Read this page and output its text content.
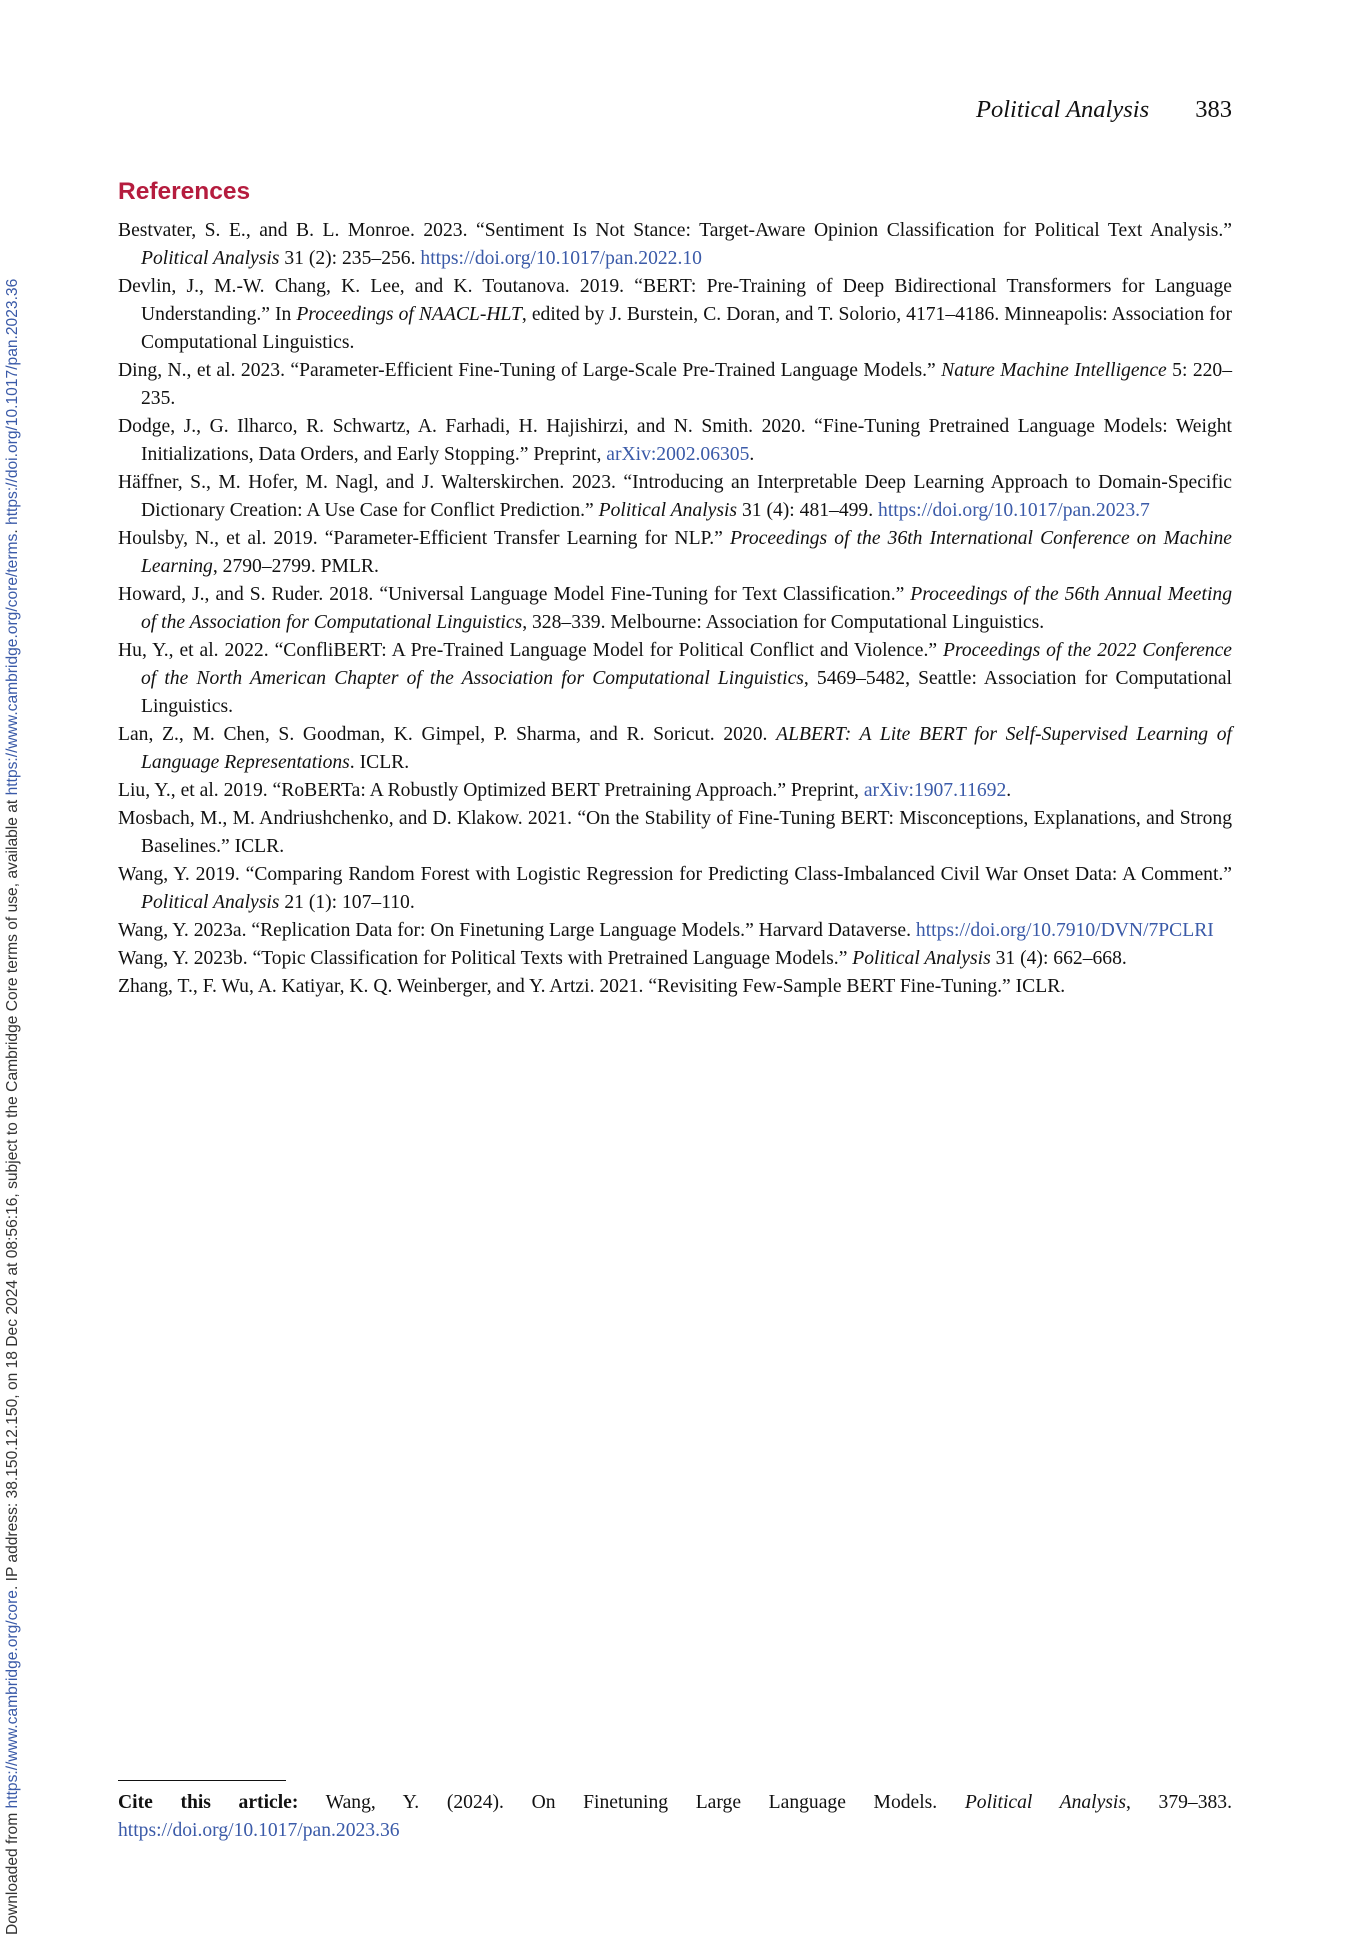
Downloaded from https://www.cambridge.org/core. IP address: 38.150.12.150, on 18 Dec 2024 at 08:56:16, subject to the Cambridge Core terms of use, available at https://www.cambridge.org/core/terms. https://doi.org/10.1017/pan.2023.36
Political Analysis 383
References
Bestvater, S. E., and B. L. Monroe. 2023. “Sentiment Is Not Stance: Target-Aware Opinion Classification for Political Text Analysis.” Political Analysis 31 (2): 235–256. https://doi.org/10.1017/pan.2022.10
Devlin, J., M.-W. Chang, K. Lee, and K. Toutanova. 2019. “BERT: Pre-Training of Deep Bidirectional Transformers for Language Understanding.” In Proceedings of NAACL-HLT, edited by J. Burstein, C. Doran, and T. Solorio, 4171–4186. Minneapolis: Association for Computational Linguistics.
Ding, N., et al. 2023. “Parameter-Efficient Fine-Tuning of Large-Scale Pre-Trained Language Models.” Nature Machine Intelligence 5: 220–235.
Dodge, J., G. Ilharco, R. Schwartz, A. Farhadi, H. Hajishirzi, and N. Smith. 2020. “Fine-Tuning Pretrained Language Models: Weight Initializations, Data Orders, and Early Stopping.” Preprint, arXiv:2002.06305.
Häffner, S., M. Hofer, M. Nagl, and J. Walterskirchen. 2023. “Introducing an Interpretable Deep Learning Approach to Domain-Specific Dictionary Creation: A Use Case for Conflict Prediction.” Political Analysis 31 (4): 481–499. https://doi.org/10.1017/pan.2023.7
Houlsby, N., et al. 2019. “Parameter-Efficient Transfer Learning for NLP.” Proceedings of the 36th International Conference on Machine Learning, 2790–2799. PMLR.
Howard, J., and S. Ruder. 2018. “Universal Language Model Fine-Tuning for Text Classification.” Proceedings of the 56th Annual Meeting of the Association for Computational Linguistics, 328–339. Melbourne: Association for Computational Linguistics.
Hu, Y., et al. 2022. “ConfliBERT: A Pre-Trained Language Model for Political Conflict and Violence.” Proceedings of the 2022 Conference of the North American Chapter of the Association for Computational Linguistics, 5469–5482, Seattle: Association for Computational Linguistics.
Lan, Z., M. Chen, S. Goodman, K. Gimpel, P. Sharma, and R. Soricut. 2020. ALBERT: A Lite BERT for Self-Supervised Learning of Language Representations. ICLR.
Liu, Y., et al. 2019. “RoBERTa: A Robustly Optimized BERT Pretraining Approach.” Preprint, arXiv:1907.11692.
Mosbach, M., M. Andriushchenko, and D. Klakow. 2021. “On the Stability of Fine-Tuning BERT: Misconceptions, Explanations, and Strong Baselines.” ICLR.
Wang, Y. 2019. “Comparing Random Forest with Logistic Regression for Predicting Class-Imbalanced Civil War Onset Data: A Comment.” Political Analysis 21 (1): 107–110.
Wang, Y. 2023a. “Replication Data for: On Finetuning Large Language Models.” Harvard Dataverse. https://doi.org/10.7910/DVN/7PCLRI
Wang, Y. 2023b. “Topic Classification for Political Texts with Pretrained Language Models.” Political Analysis 31 (4): 662–668.
Zhang, T., F. Wu, A. Katiyar, K. Q. Weinberger, and Y. Artzi. 2021. “Revisiting Few-Sample BERT Fine-Tuning.” ICLR.
Cite this article: Wang, Y. (2024). On Finetuning Large Language Models. Political Analysis, 379–383.
https://doi.org/10.1017/pan.2023.36
